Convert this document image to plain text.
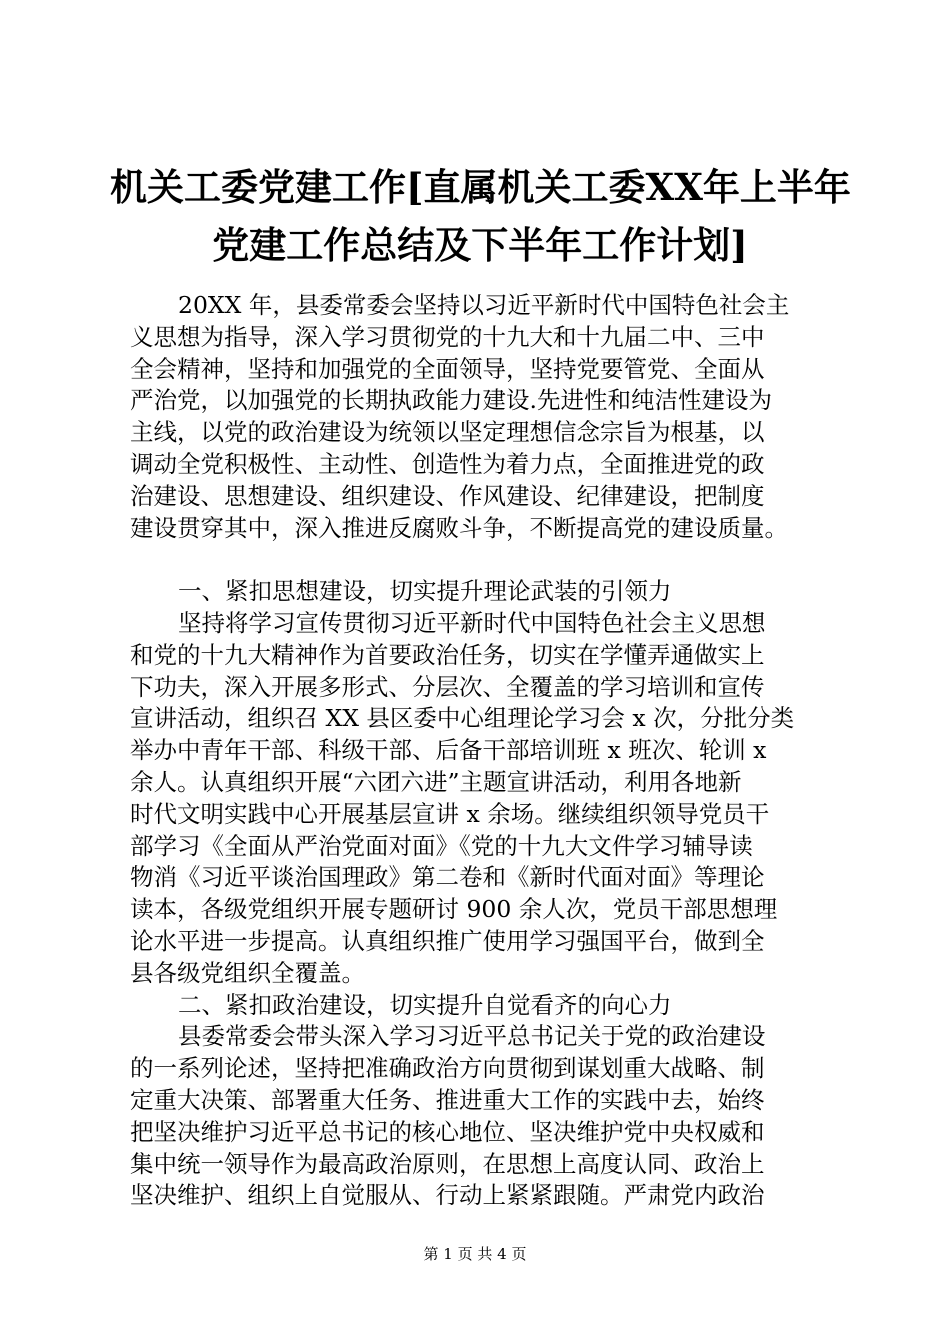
机关工委党建工作[直属机关工委XX年上半年
党建工作总结及下半年工作计划]
20XX 年，县委常委会坚持以习近平新时代中国特色社会主
义思想为指导，深入学习贯彻党的十九大和十九届二中、三中
全会精神，坚持和加强党的全面领导，坚持党要管党、全面从
严治党，以加强党的长期执政能力建设.先进性和纯洁性建设为
主线，以党的政治建设为统领以坚定理想信念宗旨为根基，以
调动全党积极性、主动性、创造性为着力点，全面推进党的政
治建设、思想建设、组织建设、作风建设、纪律建设，把制度
建设贯穿其中，深入推进反腐败斗争，不断提高党的建设质量。
一、紧扣思想建设，切实提升理论武装的引领力
坚持将学习宣传贯彻习近平新时代中国特色社会主义思想
和党的十九大精神作为首要政治任务，切实在学懂弄通做实上
下功夫，深入开展多形式、分层次、全覆盖的学习培训和宣传
宣讲活动，组织召 XX 县区委中心组理论学习会 x 次，分批分类
举办中青年干部、科级干部、后备干部培训班 x 班次、轮训 x
余人。认真组织开展“六团六进”主题宣讲活动，利用各地新
时代文明实践中心开展基层宣讲 x 余场。继续组织领导党员干
部学习《全面从严治党面对面》《党的十九大文件学习辅导读
物消《习近平谈治国理政》第二卷和《新时代面对面》等理论
读本，各级党组织开展专题研讨 900 余人次，党员干部思想理
论水平进一步提高。认真组织推广使用学习强国平台，做到全
县各级党组织全覆盖。
二、紧扣政治建设，切实提升自觉看齐的向心力
县委常委会带头深入学习习近平总书记关于党的政治建设
的一系列论述，坚持把准确政治方向贯彻到谋划重大战略、制
定重大决策、部署重大任务、推进重大工作的实践中去，始终
把坚决维护习近平总书记的核心地位、坚决维护党中央权威和
集中统一领导作为最高政治原则，在思想上高度认同、政治上
坚决维护、组织上自觉服从、行动上紧紧跟随。严肃党内政治
第 1 页 共 4 页
